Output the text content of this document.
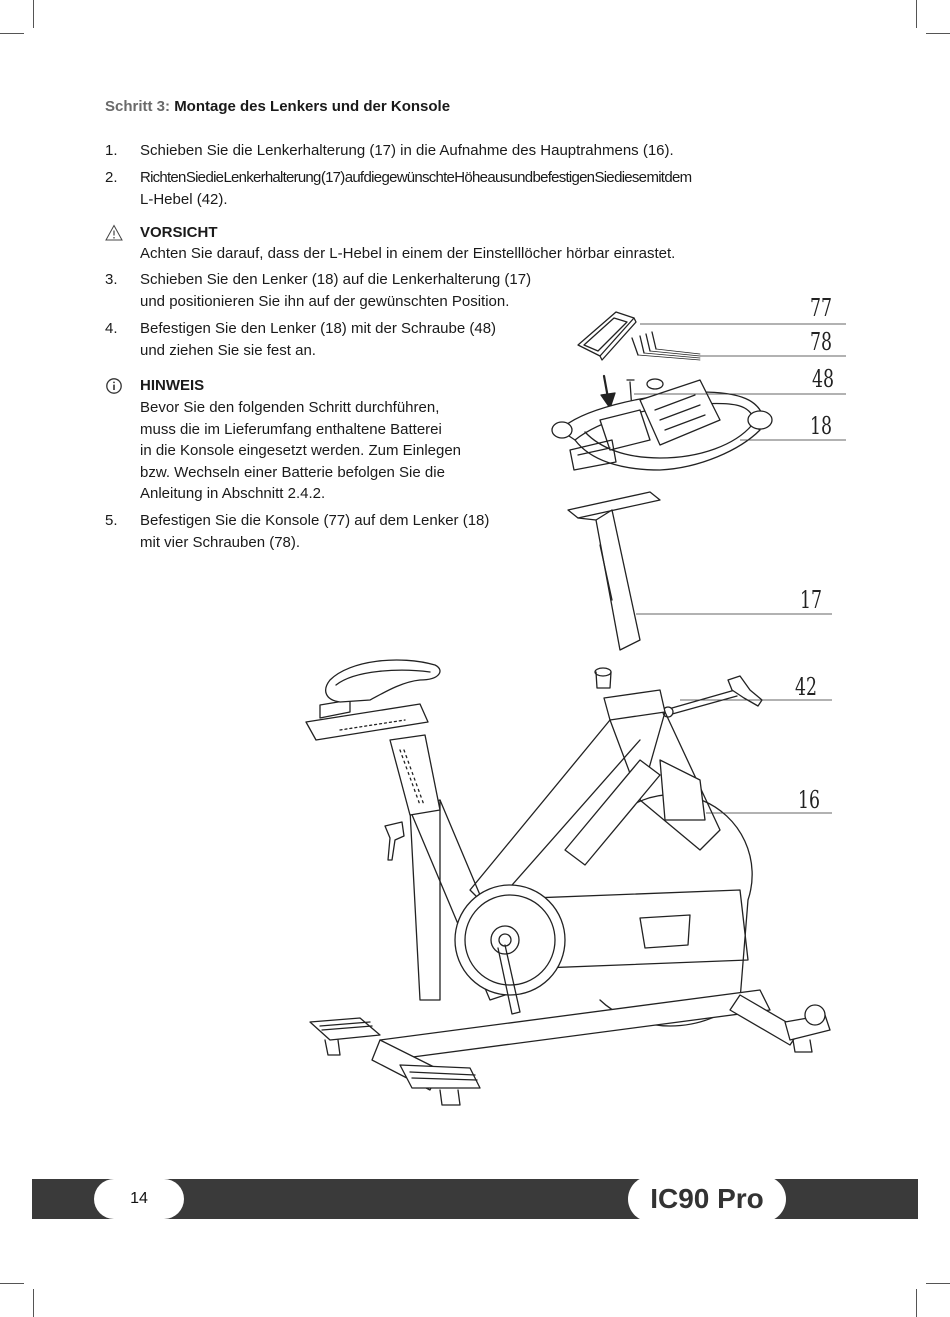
Schritt 3: Montage des Lenkers und der Konsole
1. Schieben Sie die Lenkerhalterung (17) in die Aufnahme des Hauptrahmens (16).
2. Richten Sie die Lenkerhalterung (17) auf die gewünschte Höhe aus und befestigen Sie diese mit dem
L-Hebel (42).
VORSICHT
Achten Sie darauf, dass der L-Hebel in einem der Einstelllöcher hörbar einrastet.
3. Schieben Sie den Lenker (18) auf die Lenkerhalterung (17)
und positionieren Sie ihn auf der gewünschten Position.
4. Befestigen Sie den Lenker (18) mit der Schraube (48)
und ziehen Sie sie fest an.
HINWEIS
Bevor Sie den folgenden Schritt durchführen,
muss die im Lieferumfang enthaltene Batterei
in die Konsole eingesetzt werden. Zum Einlegen
bzw. Wechseln einer Batterie befolgen Sie die
Anleitung in Abschnitt 2.4.2.
5. Befestigen Sie die Konsole (77) auf dem Lenker (18)
mit vier Schrauben (78).
77
78
48
18
17
42
16
14	IC90 Pro
